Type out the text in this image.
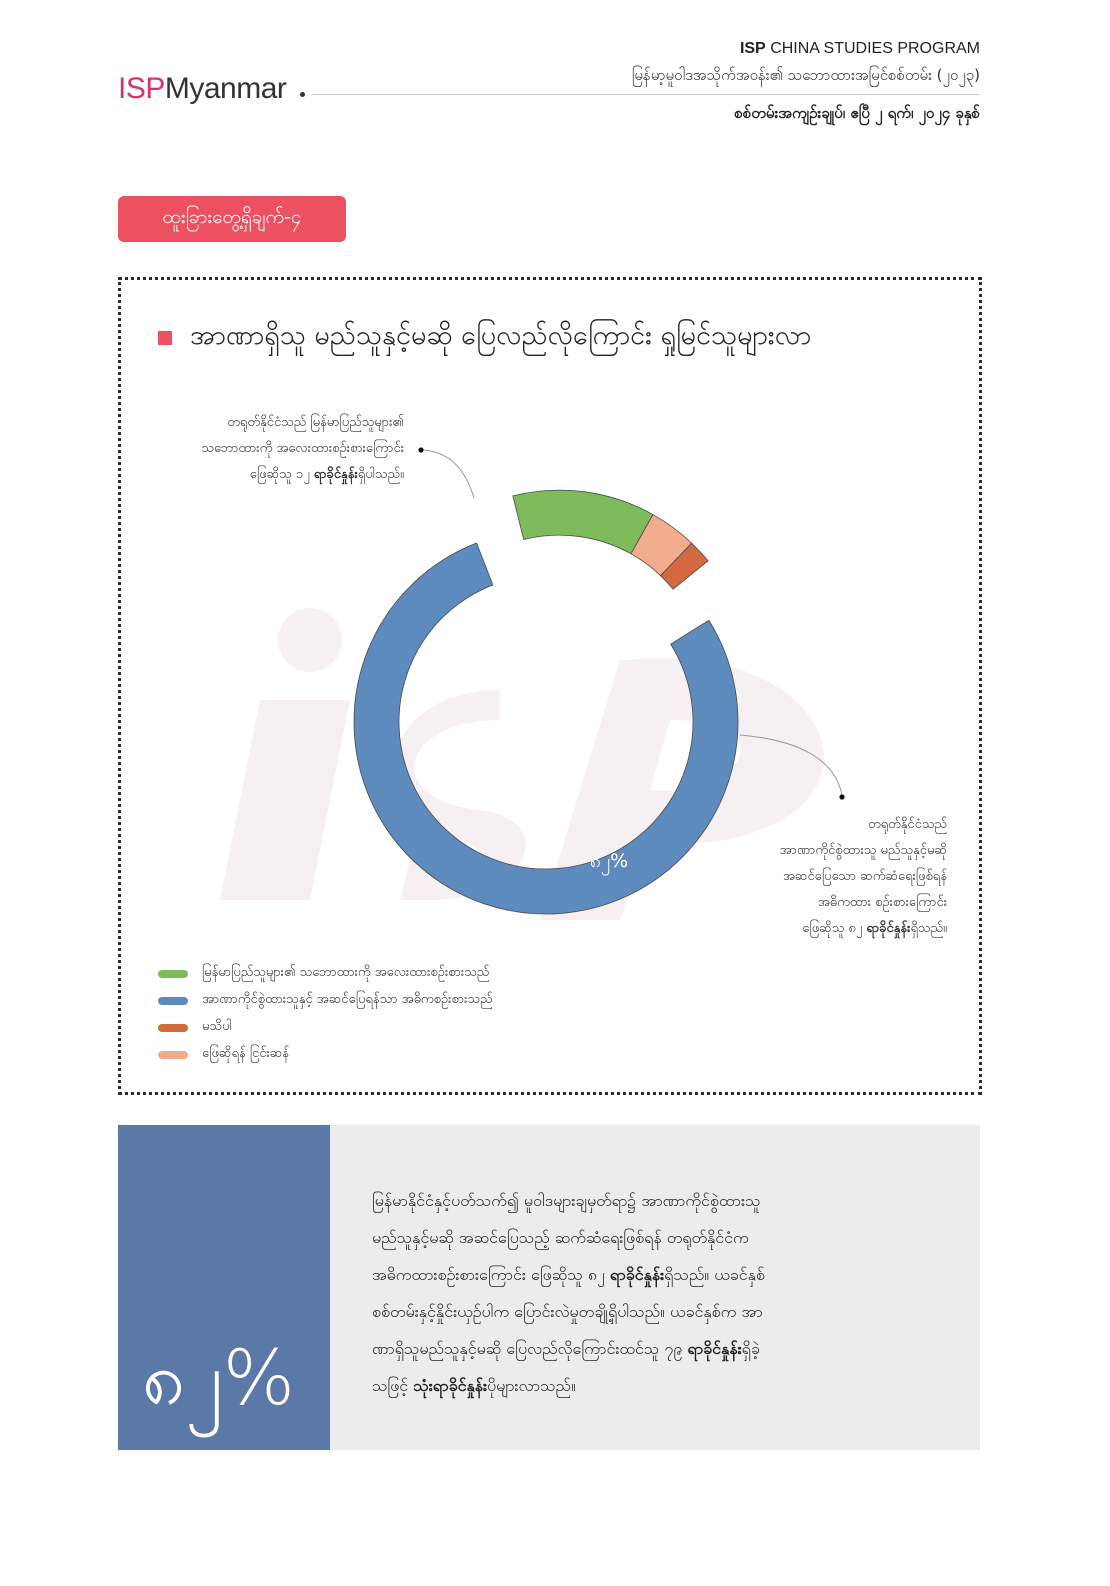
ISPMyanmar
ISP CHINA STUDIES PROGRAM
မြန်မာ့မူဝါဒအသိုက်အဝန်း၏ သဘောထားအမြင်စစ်တမ်း (၂၀၂၃)
စစ်တမ်းအကျဉ်းချုပ်၊ ဧပြီ ၂ ရက်၊ ၂၀၂၄ ခုနှစ်
ထူးခြားတွေ့ရှိချက်-၄
အာဏာရှိသူ မည်သူနှင့်မဆို ပြေလည်လိုကြောင်း ရှုမြင်သူများလာ
တရုတ်နိုင်ငံသည် မြန်မာပြည်သူများ၏
သဘောထားကို အလေးထားစဉ်းစားကြောင်း
ဖြေဆိုသူ ၁၂ ရာခိုင်နှုန်းရှိပါသည်။
တရုတ်နိုင်ငံသည်
အာဏာကိုင်စွဲထားသူ မည်သူနှင့်မဆို
အဆင်ပြေသော ဆက်ဆံရေးဖြစ်ရန်
အဓိကထား စဉ်းစားကြောင်း
ဖြေဆိုသူ ၈၂ ရာခိုင်နှုန်းရှိသည်။
၁၂%
၈၂%
မြန်မာပြည်သူများ၏ သဘောထားကို အလေးထားစဉ်းစားသည်
အာဏာကိုင်စွဲထားသူနှင့် အဆင်ပြေရန်သာ အဓိကစဉ်းစားသည်
မသိပါ
ဖြေဆိုရန် ငြင်းဆန်
၈၂%
မြန်မာနိုင်ငံနှင့်ပတ်သက်၍ မူဝါဒများချမှတ်ရာ၌ အာဏာကိုင်စွဲထားသူ
မည်သူနှင့်မဆို အဆင်ပြေသည့် ဆက်ဆံရေးဖြစ်ရန် တရုတ်နိုင်ငံက
အဓိကထားစဉ်းစားကြောင်း ဖြေဆိုသူ ၈၂ ရာခိုင်နှုန်းရှိသည်။ ယခင်နှစ်
စစ်တမ်းနှင့်နှိုင်းယှဉ်ပါက ပြောင်းလဲမှုတချို့ရှိပါသည်။ ယခင်နှစ်က အာ
ဏာရှိသူမည်သူနှင့်မဆို ပြေလည်လိုကြောင်းထင်သူ ၇၉ ရာခိုင်နှုန်းရှိခဲ့
သဖြင့် သုံးရာခိုင်နှုန်းပိုများလာသည်။
